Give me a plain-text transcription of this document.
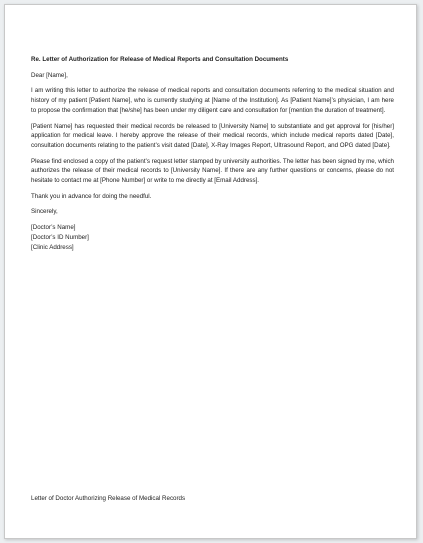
Re. Letter of Authorization for Release of Medical Reports and Consultation Documents

Dear [Name],

I am writing this letter to authorize the release of medical reports and consultation documents referring to the medical situation and history of my patient [Patient Name], who is currently studying at [Name of the Institution]. As [Patient Name]’s physician, I am here to propose the confirmation that [he/she] has been under my diligent care and consultation for [mention the duration of treatment].

[Patient Name] has requested their medical records be released to [University Name] to substantiate and get approval for [his/her] application for medical leave. I hereby approve the release of their medical records, which include medical reports dated [Date], consultation documents relating to the patient’s visit dated [Date], X-Ray Images Report, Ultrasound Report, and OPG dated [Date].

Please find enclosed a copy of the patient’s request letter stamped by university authorities. The letter has been signed by me, which authorizes the release of their medical records to [University Name]. If there are any further questions or concerns, please do not hesitate to contact me at [Phone Number] or write to me directly at [Email Address].

Thank you in advance for doing the needful.

Sincerely,

[Doctor’s Name]

[Doctor’s ID Number]

[Clinic Address]

Letter of Doctor Authorizing Release of Medical Records
